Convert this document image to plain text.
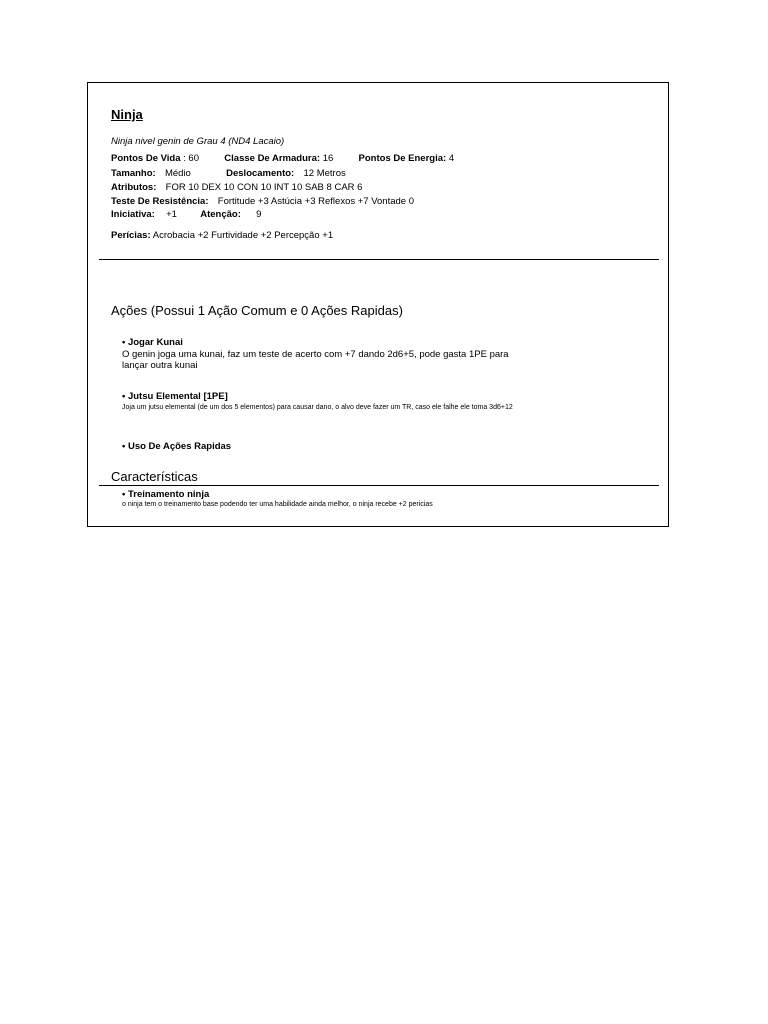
Ninja
Ninja nivel genin de Grau 4 (ND4 Lacaio)
Pontos De Vida : 60	Classe De Armadura: 16	Pontos De Energia: 4
Tamanho: Médio	Deslocamento: 12 Metros
Atributos: FOR 10 DEX 10 CON 10 INT 10 SAB 8 CAR 6
Teste De Resistência: Fortitude +3 Astúcia +3 Reflexos +7 Vontade 0
Iniciativa: +1 Atenção: 9
Perícias: Acrobacia +2 Furtividade +2 Percepção +1
Ações (Possui 1 Ação Comum e 0 Ações Rapidas)
• Jogar Kunai
O genin joga uma kunai, faz um teste de acerto com +7 dando 2d6+5, pode gasta 1PE para lançar outra kunai
• Jutsu Elemental [1PE]
Joja um jutsu elemental (de um dos 5 elementos) para causar dano, o alvo deve fazer um TR, caso ele falhe ele toma 3d6+12
• Uso De Ações Rapidas
Características
• Treinamento ninja
o ninja tem o treinamento base podendo ter uma habilidade ainda melhor, o ninja recebe +2 pericias
